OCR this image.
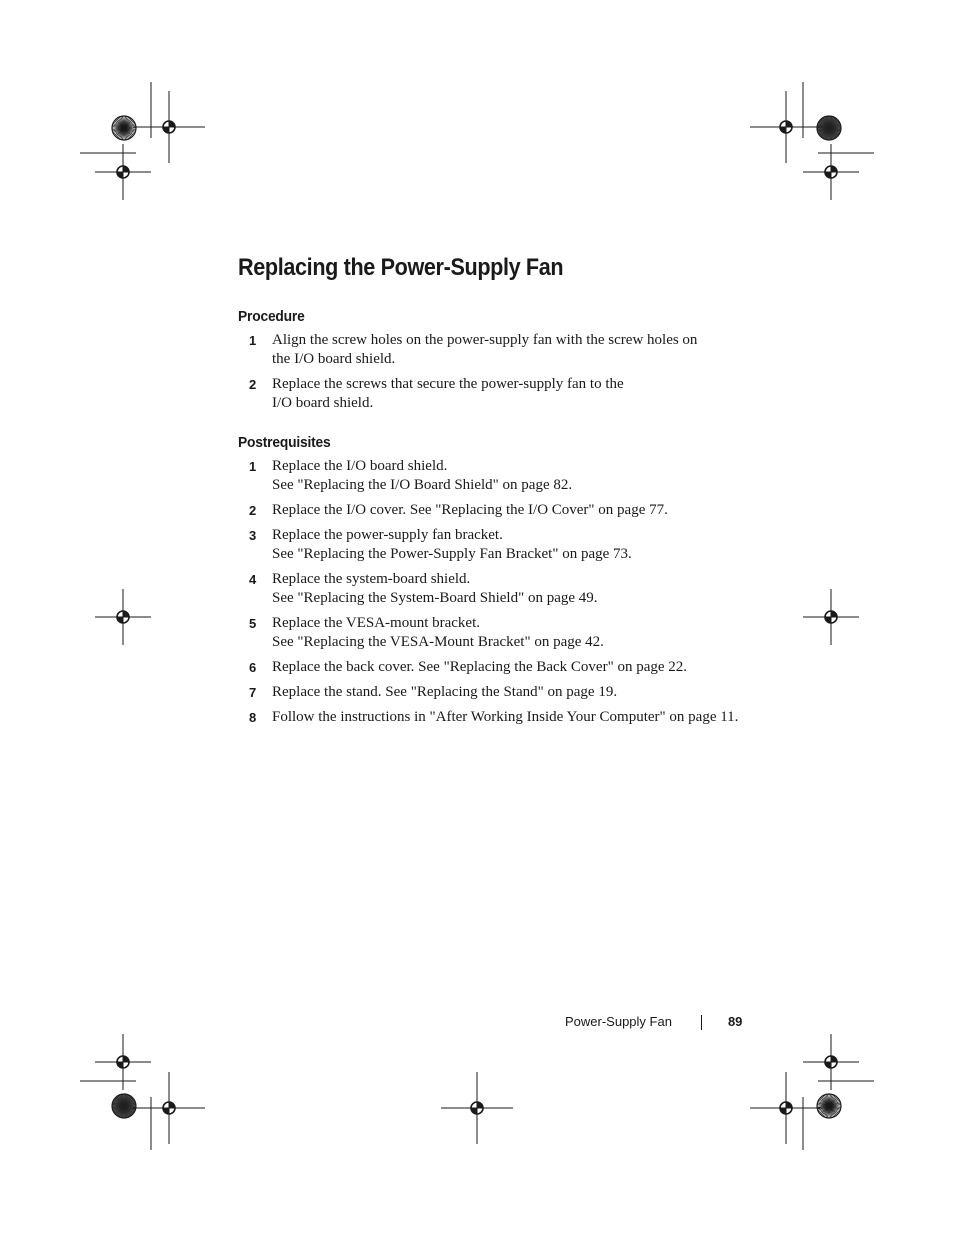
Replacing the Power-Supply Fan
Procedure
1 Align the screw holes on the power-supply fan with the screw holes on
the I/O board shield.
2 Replace the screws that secure the power-supply fan to the
I/O board shield.
Postrequisites
1 Replace the I/O board shield.
See "Replacing the I/O Board Shield" on page 82.
2 Replace the I/O cover. See "Replacing the I/O Cover" on page 77.
3 Replace the power-supply fan bracket.
See "Replacing the Power-Supply Fan Bracket" on page 73.
4 Replace the system-board shield.
See "Replacing the System-Board Shield" on page 49.
5 Replace the VESA-mount bracket.
See "Replacing the VESA-Mount Bracket" on page 42.
6 Replace the back cover. See "Replacing the Back Cover" on page 22.
7 Replace the stand. See "Replacing the Stand" on page 19.
8 Follow the instructions in "After Working Inside Your Computer" on page 11.
Power-Supply Fan	89
